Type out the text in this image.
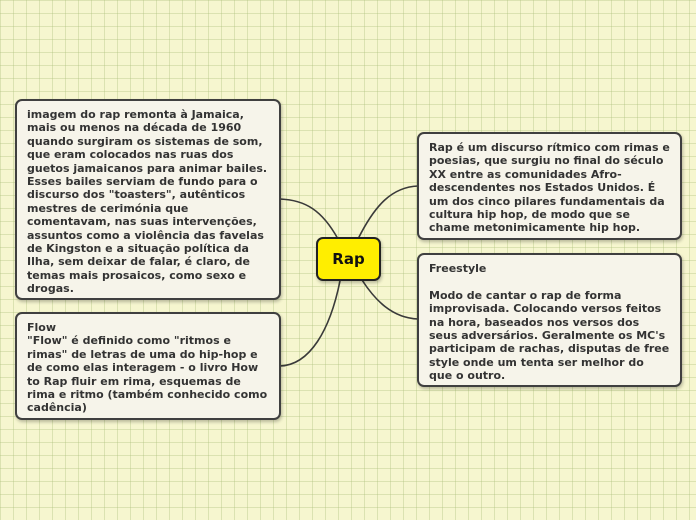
Rap
Rap é um discurso rítmico com rimas e poesias, que surgiu no final do século XX entre as comunidades Afro-descendentes nos Estados Unidos. É um dos cinco pilares fundamentais da cultura hip hop, de modo que se chame metonimicamente hip hop.
Freestyle

Modo de cantar o rap de forma improvisada. Colocando versos feitos na hora, baseados nos versos dos seus adversários. Geralmente os MC's participam de rachas, disputas de free style onde um tenta ser melhor do que o outro.
imagem do rap remonta à Jamaica, mais ou menos na década de 1960 quando surgiram os sistemas de som, que eram colocados nas ruas dos guetos jamaicanos para animar bailes. Esses bailes serviam de fundo para o discurso dos "toasters", autênticos mestres de cerimónia que comentavam, nas suas intervenções, assuntos como a violência das favelas de Kingston e a situação política da Ilha, sem deixar de falar, é claro, de temas mais prosaicos, como sexo e drogas.
Flow
"Flow" é definido como "ritmos e rimas" de letras de uma do hip-hop e de como elas interagem - o livro How to Rap fluir em rima, esquemas de rima e ritmo (também conhecido como cadência)
